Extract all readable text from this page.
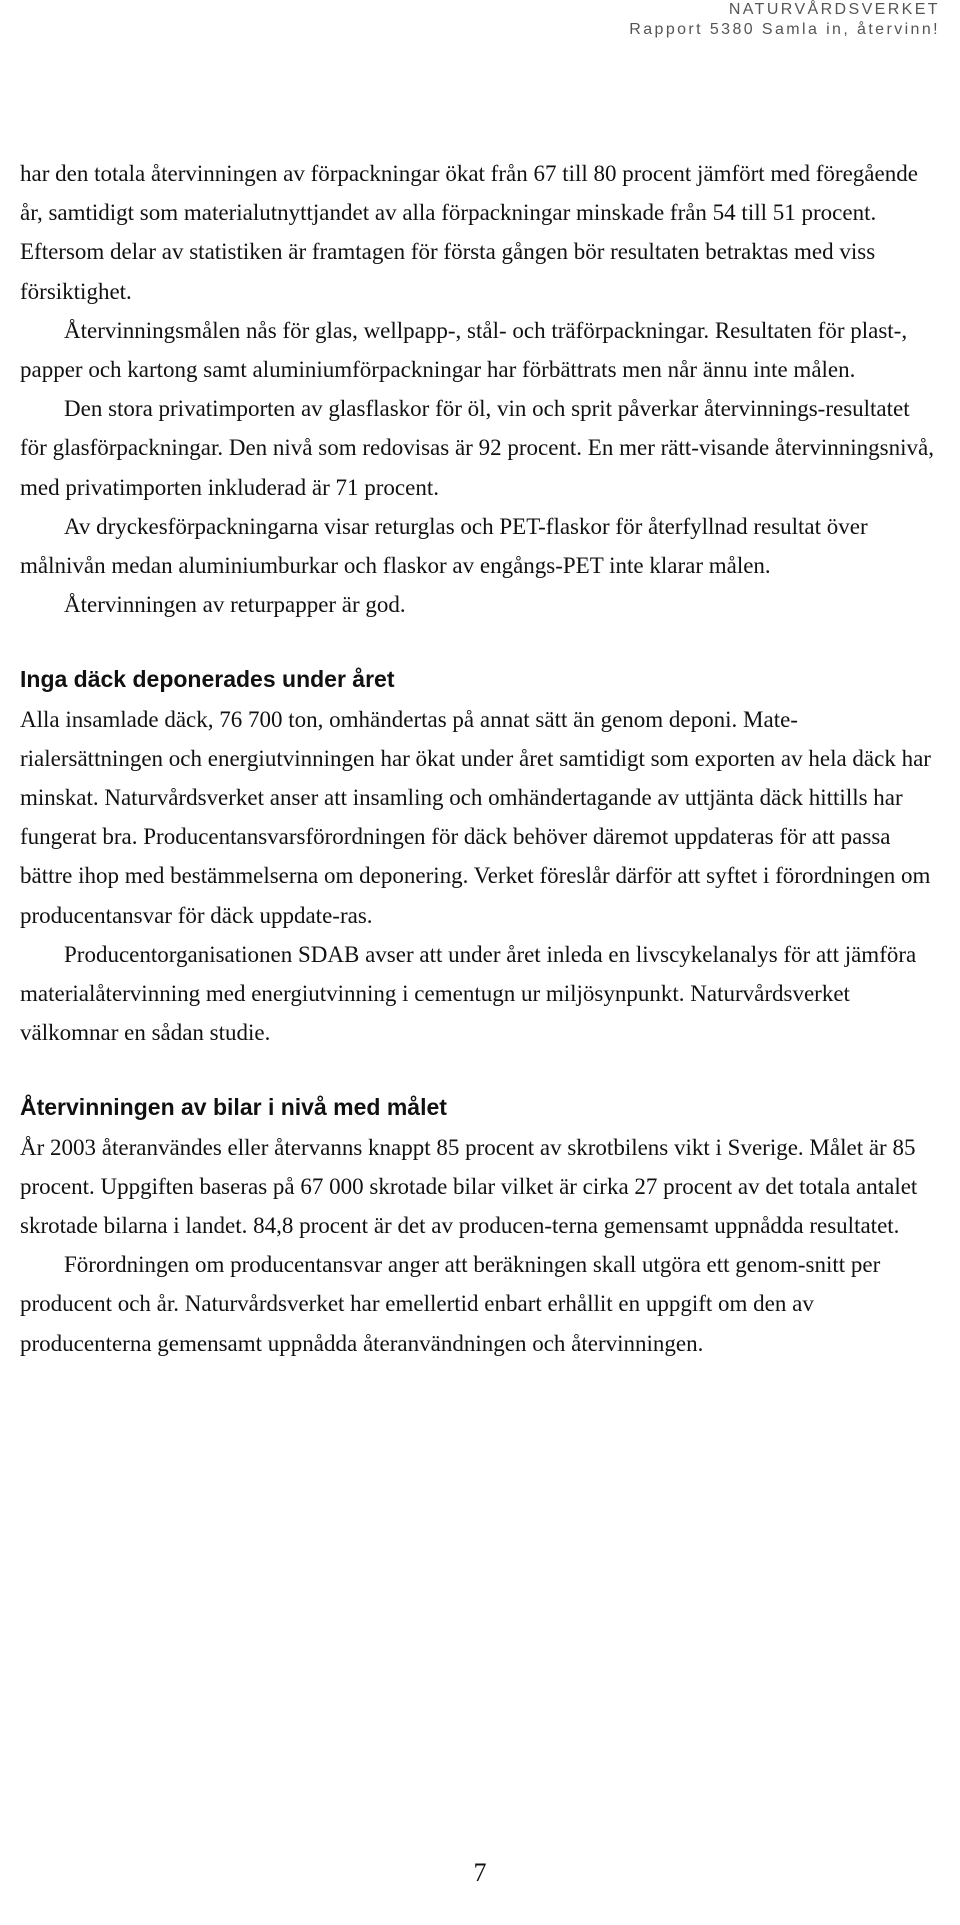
NATURVÅRDSVERKET
Rapport 5380 Samla in, återvinn!

har den totala återvinningen av förpackningar ökat från 67 till 80 procent jämfört med föregående år, samtidigt som materialutnyttjandet av alla förpackningar minskade från 54 till 51 procent. Eftersom delar av statistiken är framtagen för första gången bör resultaten betraktas med viss försiktighet.

Återvinningsmålen nås för glas, wellpapp-, stål- och träförpackningar. Resultaten för plast-, papper och kartong samt aluminiumförpackningar har förbättrats men når ännu inte målen.

Den stora privatimporten av glasflaskor för öl, vin och sprit påverkar återvinnings-resultatet för glasförpackningar. Den nivå som redovisas är 92 procent. En mer rätt-visande återvinningsnivå, med privatimporten inkluderad är 71 procent.

Av dryckesförpackningarna visar returglas och PET-flaskor för återfyllnad resultat över målnivån medan aluminiumburkar och flaskor av engångs-PET inte klarar målen.

Återvinningen av returpapper är god.

Inga däck deponerades under året

Alla insamlade däck, 76 700 ton, omhändertas på annat sätt än genom deponi. Mate-rialersättningen och energiutvinningen har ökat under året samtidigt som exporten av hela däck har minskat. Naturvårdsverket anser att insamling och omhändertagande av uttjänta däck hittills har fungerat bra. Producentansvarsförordningen för däck behöver däremot uppdateras för att passa bättre ihop med bestämmelserna om deponering. Verket föreslår därför att syftet i förordningen om producentansvar för däck uppdate-ras.

Producentorganisationen SDAB avser att under året inleda en livscykelanalys för att jämföra materialåtervinning med energiutvinning i cementugn ur miljösynpunkt. Naturvårdsverket välkomnar en sådan studie.

Återvinningen av bilar i nivå med målet

År 2003 återanvändes eller återvanns knappt 85 procent av skrotbilens vikt i Sverige. Målet är 85 procent. Uppgiften baseras på 67 000 skrotade bilar vilket är cirka 27 procent av det totala antalet skrotade bilarna i landet. 84,8 procent är det av producen-terna gemensamt uppnådda resultatet.

Förordningen om producentansvar anger att beräkningen skall utgöra ett genom-snitt per producent och år. Naturvårdsverket har emellertid enbart erhållit en uppgift om den av producenterna gemensamt uppnådda återanvändningen och återvinningen.

7
